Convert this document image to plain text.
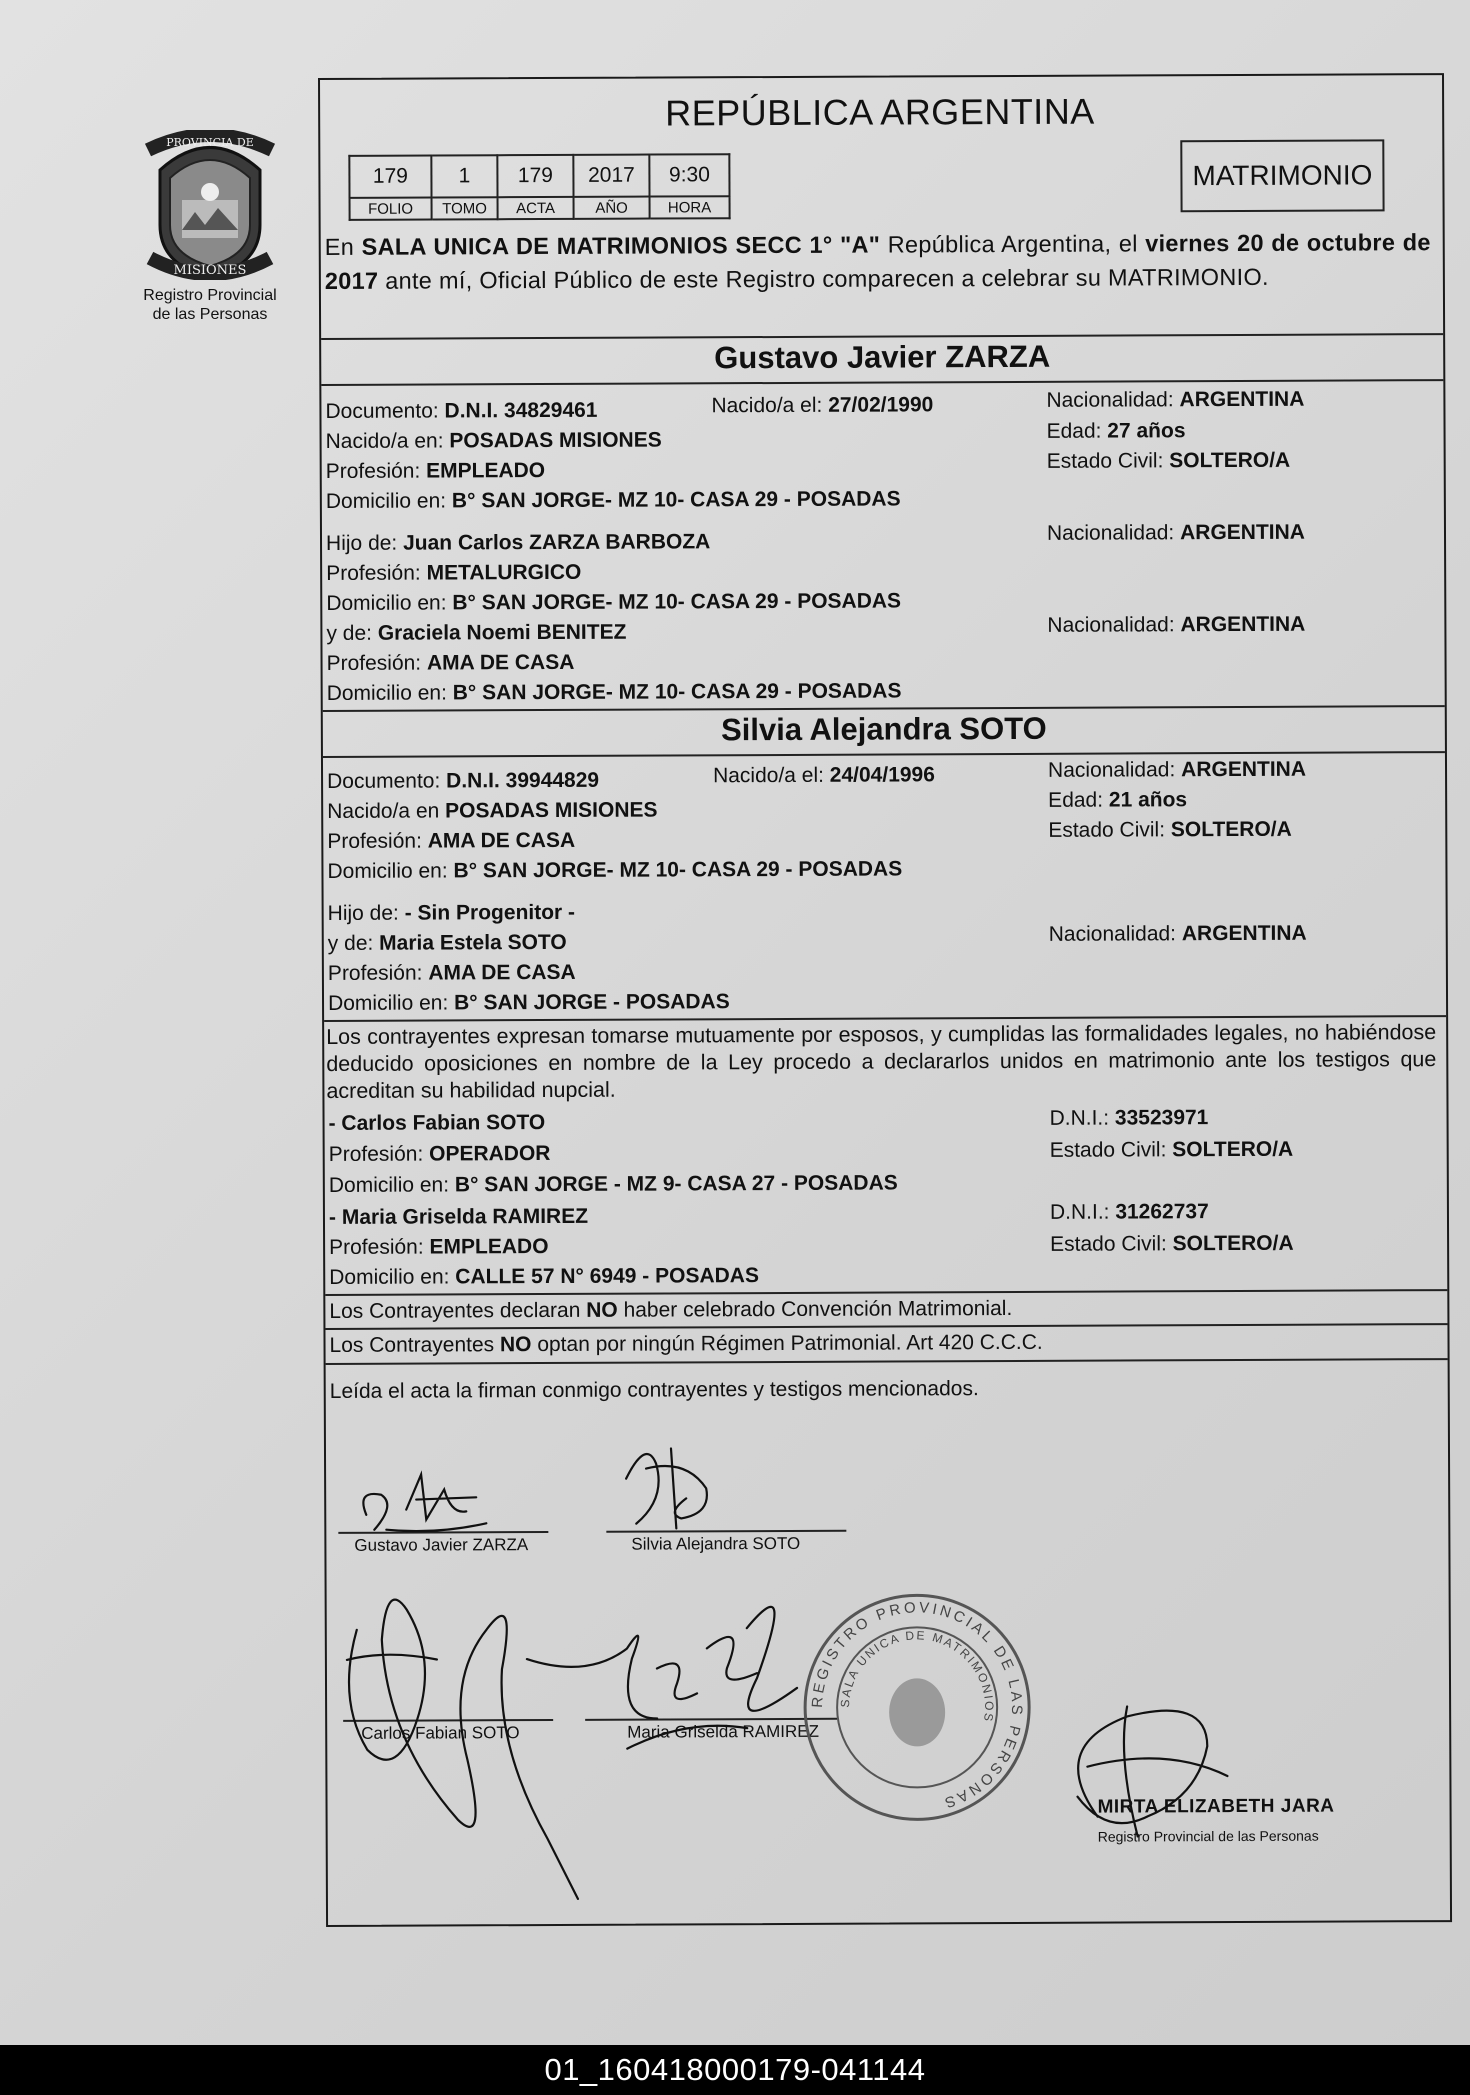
PROVINCIA DE
MISIONES
Registro Provincial
de las Personas
REPÚBLICA ARGENTINA
MATRIMONIO
179	1	179	2017	9:30
FOLIO	TOMO	ACTA	AÑO	HORA
En SALA UNICA DE MATRIMONIOS SECC 1° "A" República Argentina, el viernes 20 de octubre de 2017 ante mí, Oficial Público de este Registro comparecen a celebrar su MATRIMONIO.
Gustavo Javier ZARZA
Documento: D.N.I. 34829461	Nacido/a el: 27/02/1990	Nacionalidad: ARGENTINA
Nacido/a en: POSADAS MISIONES	Edad: 27 años
Profesión: EMPLEADO	Estado Civil: SOLTERO/A
Domicilio en: B° SAN JORGE- MZ 10- CASA 29 - POSADAS
Hijo de: Juan Carlos ZARZA BARBOZA	Nacionalidad: ARGENTINA
Profesión: METALURGICO
Domicilio en: B° SAN JORGE- MZ 10- CASA 29 - POSADAS
y de: Graciela Noemi BENITEZ	Nacionalidad: ARGENTINA
Profesión: AMA DE CASA
Domicilio en: B° SAN JORGE- MZ 10- CASA 29 - POSADAS
Silvia Alejandra SOTO
Documento: D.N.I. 39944829	Nacido/a el: 24/04/1996	Nacionalidad: ARGENTINA
Nacido/a en POSADAS MISIONES	Edad: 21 años
Profesión: AMA DE CASA	Estado Civil: SOLTERO/A
Domicilio en: B° SAN JORGE- MZ 10- CASA 29 - POSADAS
Hijo de: - Sin Progenitor -
y de: Maria Estela SOTO	Nacionalidad: ARGENTINA
Profesión: AMA DE CASA
Domicilio en: B° SAN JORGE - POSADAS
Los contrayentes expresan tomarse mutuamente por esposos, y cumplidas las formalidades legales, no habiéndose deducido oposiciones en nombre de la Ley procedo a declararlos unidos en matrimonio ante los testigos que acreditan su habilidad nupcial.
- Carlos Fabian SOTO	D.N.I.: 33523971
Profesión: OPERADOR	Estado Civil: SOLTERO/A
Domicilio en: B° SAN JORGE - MZ 9- CASA 27 - POSADAS
- Maria Griselda RAMIREZ	D.N.I.: 31262737
Profesión: EMPLEADO	Estado Civil: SOLTERO/A
Domicilio en: CALLE 57 N° 6949 - POSADAS
Los Contrayentes declaran NO haber celebrado Convención Matrimonial.
Los Contrayentes NO optan por ningún Régimen Patrimonial. Art 420 C.C.C.
Leída el acta la firman conmigo contrayentes y testigos mencionados.
Gustavo Javier ZARZA	Silvia Alejandra SOTO
Carlos Fabian SOTO	Maria Griselda RAMIREZ
REGISTRO PROVINCIAL DE LAS PERSONAS
SALA UNICA DE MATRIMONIOS
MIRTA ELIZABETH JARA
Registro Provincial de las Personas
01_160418000179-041144
